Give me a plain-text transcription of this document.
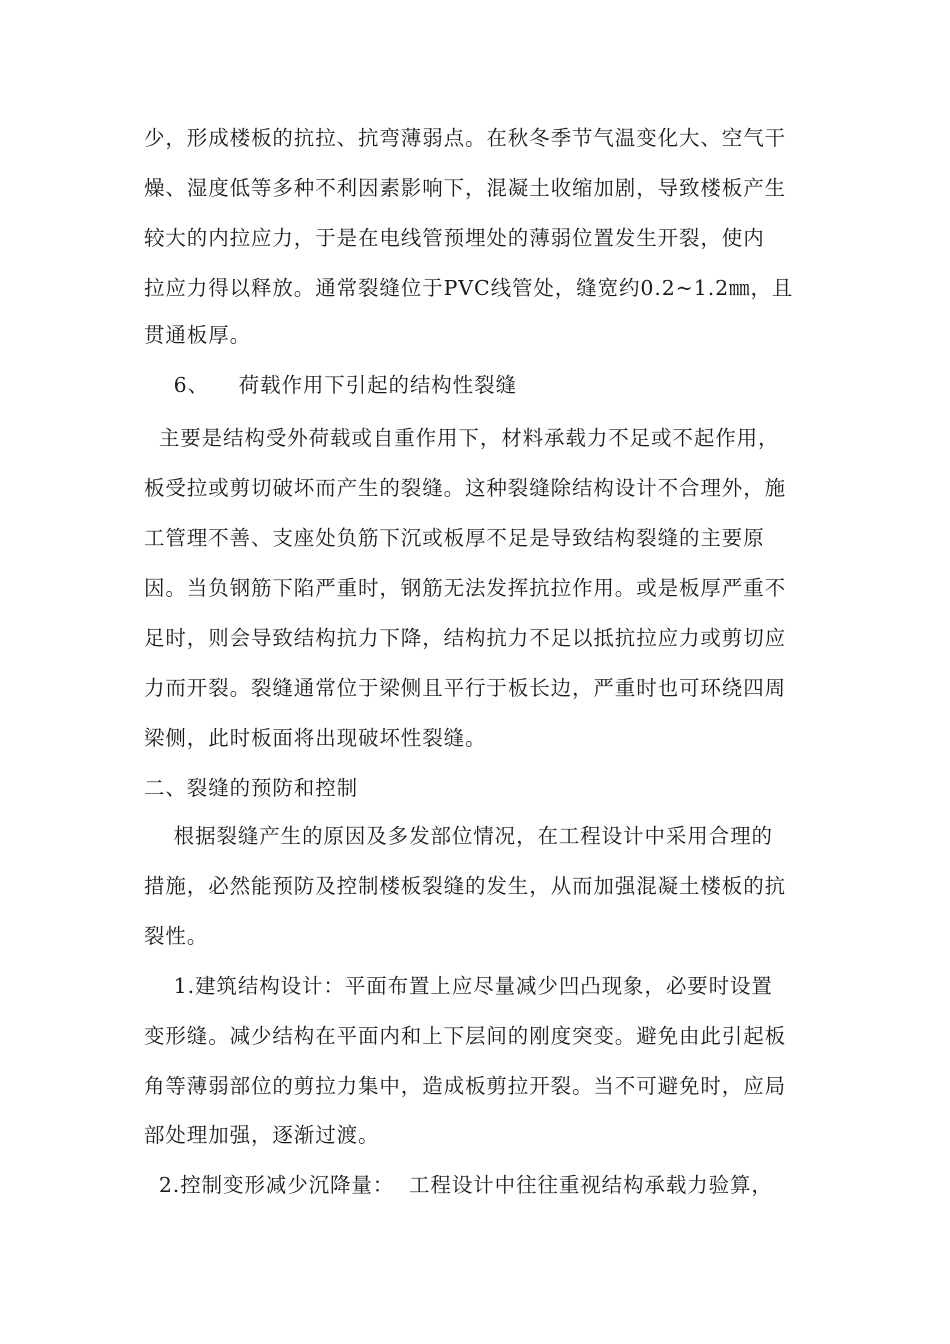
少，形成楼板的抗拉、抗弯薄弱点。在秋冬季节气温变化大、空气干
燥、湿度低等多种不利因素影响下，混凝土收缩加剧，导致楼板产生
较大的内拉应力，于是在电线管预埋处的薄弱位置发生开裂，使内
拉应力得以释放。通常裂缝位于PVC线管处，缝宽约0.2~1.2㎜，且
贯通板厚。
6、    荷载作用下引起的结构性裂缝
主要是结构受外荷载或自重作用下，材料承载力不足或不起作用，
板受拉或剪切破坏而产生的裂缝。这种裂缝除结构设计不合理外，施
工管理不善、支座处负筋下沉或板厚不足是导致结构裂缝的主要原
因。当负钢筋下陷严重时，钢筋无法发挥抗拉作用。或是板厚严重不
足时，则会导致结构抗力下降，结构抗力不足以抵抗拉应力或剪切应
力而开裂。裂缝通常位于梁侧且平行于板长边，严重时也可环绕四周
梁侧，此时板面将出现破坏性裂缝。
二、裂缝的预防和控制
根据裂缝产生的原因及多发部位情况，在工程设计中采用合理的
措施，必然能预防及控制楼板裂缝的发生，从而加强混凝土楼板的抗
裂性。
1.建筑结构设计：平面布置上应尽量减少凹凸现象，必要时设置
变形缝。减少结构在平面内和上下层间的刚度突变。避免由此引起板
角等薄弱部位的剪拉力集中，造成板剪拉开裂。当不可避免时，应局
部处理加强，逐渐过渡。
2.控制变形减少沉降量：  工程设计中往往重视结构承载力验算，
